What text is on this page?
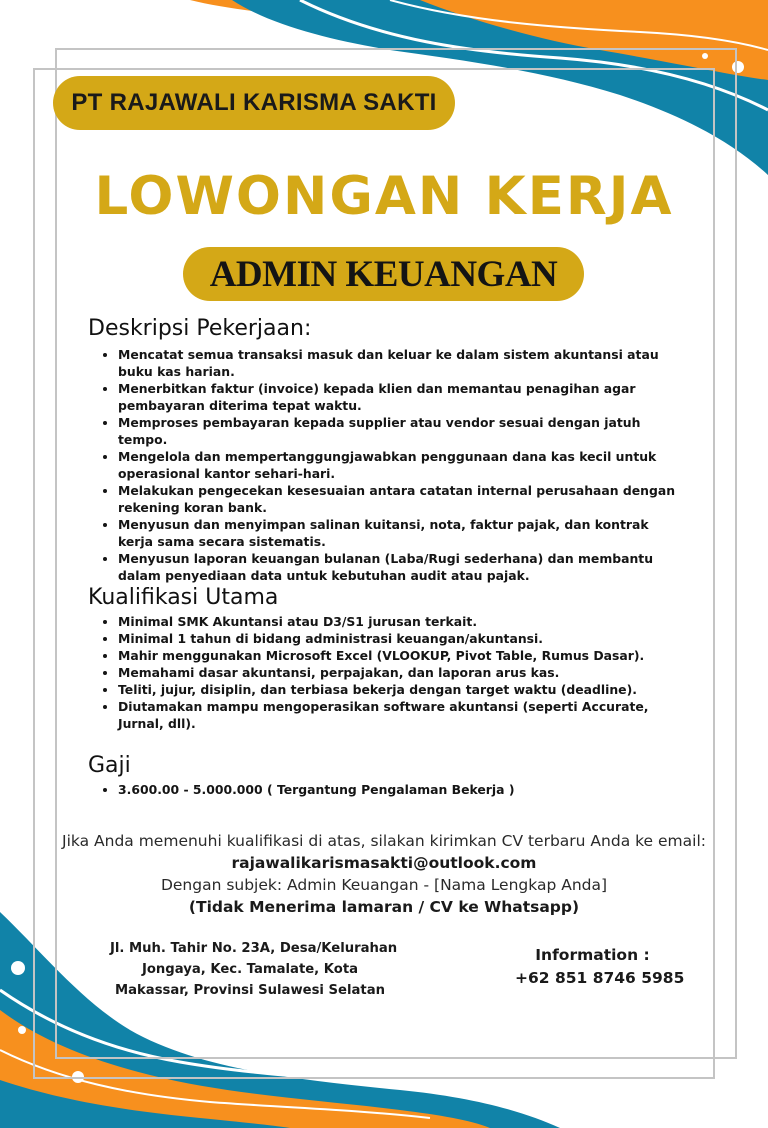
PT RAJAWALI KARISMA SAKTI
LOWONGAN KERJA
ADMIN KEUANGAN
Deskripsi Pekerjaan:
• Mencatat semua transaksi masuk dan keluar ke dalam sistem akuntansi atau buku kas harian.
• Menerbitkan faktur (invoice) kepada klien dan memantau penagihan agar pembayaran diterima tepat waktu.
• Memproses pembayaran kepada supplier atau vendor sesuai dengan jatuh tempo.
• Mengelola dan mempertanggungjawabkan penggunaan dana kas kecil untuk operasional kantor sehari-hari.
• Melakukan pengecekan kesesuaian antara catatan internal perusahaan dengan rekening koran bank.
• Menyusun dan menyimpan salinan kuitansi, nota, faktur pajak, dan kontrak kerja sama secara sistematis.
• Menyusun laporan keuangan bulanan (Laba/Rugi sederhana) dan membantu dalam penyediaan data untuk kebutuhan audit atau pajak.
Kualifikasi Utama
• Minimal SMK Akuntansi atau D3/S1 jurusan terkait.
• Minimal 1 tahun di bidang administrasi keuangan/akuntansi.
• Mahir menggunakan Microsoft Excel (VLOOKUP, Pivot Table, Rumus Dasar).
• Memahami dasar akuntansi, perpajakan, dan laporan arus kas.
• Teliti, jujur, disiplin, dan terbiasa bekerja dengan target waktu (deadline).
• Diutamakan mampu mengoperasikan software akuntansi (seperti Accurate, Jurnal, dll).
Gaji
• 3.600.00 - 5.000.000 ( Tergantung Pengalaman Bekerja )
Jika Anda memenuhi kualifikasi di atas, silakan kirimkan CV terbaru Anda ke email:
rajawalikarismasakti@outlook.com
Dengan subjek: Admin Keuangan - [Nama Lengkap Anda]
(Tidak Menerima lamaran / CV ke Whatsapp)
Jl. Muh. Tahir No. 23A, Desa/Kelurahan
Jongaya, Kec. Tamalate, Kota
Makassar, Provinsi Sulawesi Selatan
Information :
+62 851 8746 5985
